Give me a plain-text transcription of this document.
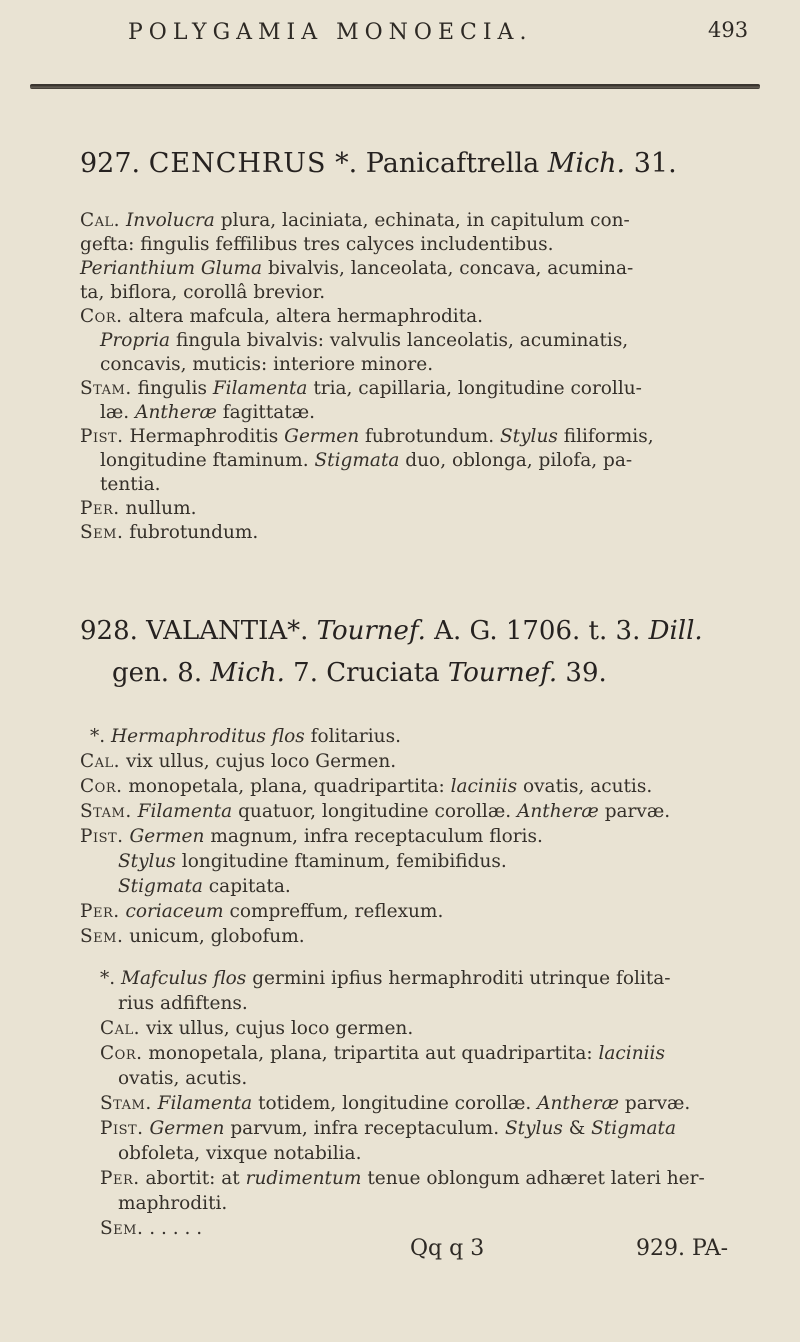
POLYGAMIA MONOECIA.	493
927. CENCHRUS *. Panicaftrella Mich. 31.
Cal. Involucra plura, laciniata, echinata, in capitulum con-
gefta: fingulis feffilibus tres calyces includentibus.
Perianthium Gluma bivalvis, lanceolata, concava, acumina-
ta, biflora, corollâ brevior.
Cor. altera mafcula, altera hermaphrodita.
Propria fingula bivalvis: valvulis lanceolatis, acuminatis,
concavis, muticis: interiore minore.
Stam. fingulis Filamenta tria, capillaria, longitudine corollu-
læ. Antheræ fagittatæ.
Pist. Hermaphroditis Germen fubrotundum. Stylus filiformis,
longitudine ftaminum. Stigmata duo, oblonga, pilofa, pa-
tentia.
Per. nullum.
Sem. fubrotundum.
928. VALANTIA*. Tournef. A. G. 1706. t. 3. Dill.
gen. 8. Mich. 7. Cruciata Tournef. 39.
*. Hermaphroditus flos folitarius.
Cal. vix ullus, cujus loco Germen.
Cor. monopetala, plana, quadripartita: laciniis ovatis, acutis.
Stam. Filamenta quatuor, longitudine corollæ. Antheræ parvæ.
Pist. Germen magnum, infra receptaculum floris.
Stylus longitudine ftaminum, femibifidus.
Stigmata capitata.
Per. coriaceum compreffum, reflexum.
Sem. unicum, globofum.
*. Mafculus flos germini ipfius hermaphroditi utrinque folita-
rius adfiftens.
Cal. vix ullus, cujus loco germen.
Cor. monopetala, plana, tripartita aut quadripartita: laciniis
ovatis, acutis.
Stam. Filamenta totidem, longitudine corollæ. Antheræ parvæ.
Pist. Germen parvum, infra receptaculum. Stylus & Stigmata
obfoleta, vixque notabilia.
Per. abortit: at rudimentum tenue oblongum adhæret lateri her-
maphroditi.
Sem. . . . . .
Qq q 3	929. PA-
